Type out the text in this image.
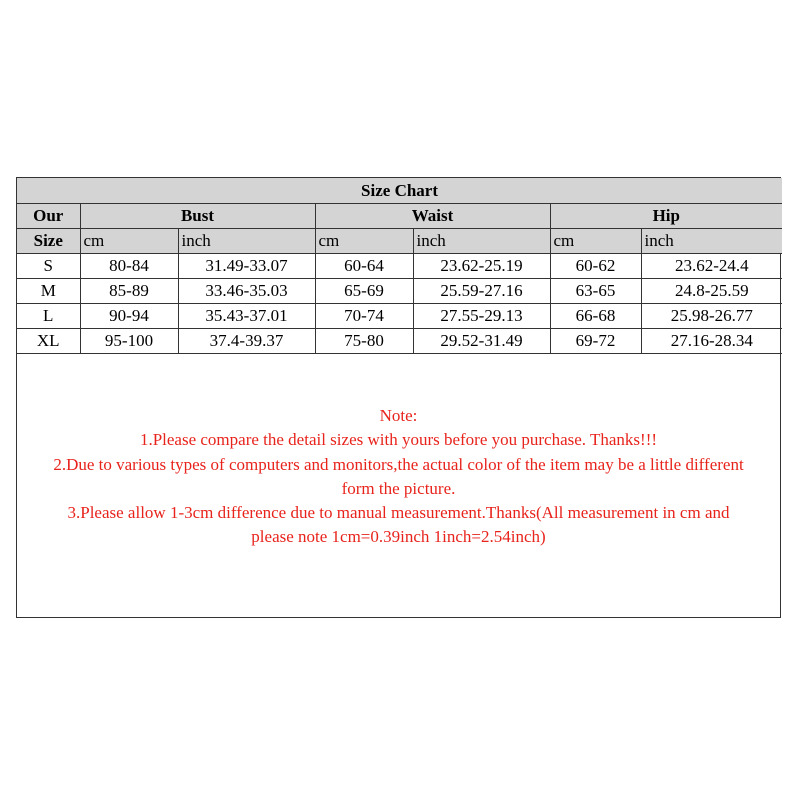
Size Chart						
Our	Bust		Waist		Hip	
Size	cm	inch	cm	inch	cm	inch
S	80-84	31.49-33.07	60-64	23.62-25.19	60-62	23.62-24.4
M	85-89	33.46-35.03	65-69	25.59-27.16	63-65	24.8-25.59
L	90-94	35.43-37.01	70-74	27.55-29.13	66-68	25.98-26.77
XL	95-100	37.4-39.37	75-80	29.52-31.49	69-72	27.16-28.34
Note:
1.Please compare the detail sizes with yours before you purchase. Thanks!!!
2.Due to various types of computers and monitors,the actual color of the item may be a little different
form the picture.
3.Please allow 1-3cm difference due to manual measurement.Thanks(All measurement in cm and
please note 1cm=0.39inch 1inch=2.54inch)
